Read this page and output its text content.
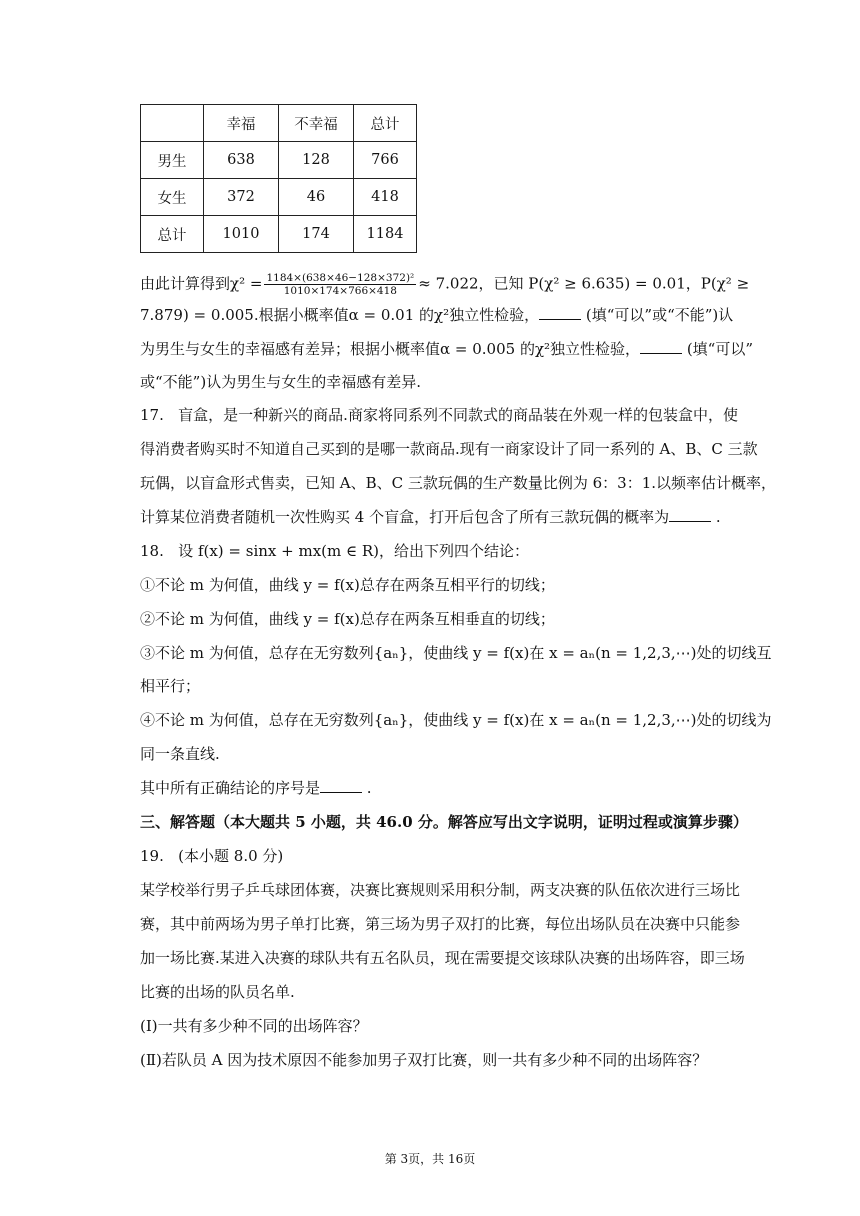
	幸福	不幸福	总计
男生	638	128	766
女生	372	46	418
总计	1010	174	1184
由此计算得到$\chi^2 = \frac{\text{1184×(638×46−128×372)²}}{1010\times 174\times 766\times 418} \approx 7.022$，已知 P(χ² ≥ 6.635) = 0.01，P(χ² ≥
7.879) = 0.005.根据小概率值α = 0.01 的χ²独立性检验，	(填“可以”或“不能”)认
为男生与女生的幸福感有差异；根据小概率值α = 0.005 的χ²独立性检验，	(填“可以”
或“不能”)认为男生与女生的幸福感有差异.
17. 盲盒，是一种新兴的商品.商家将同系列不同款式的商品装在外观一样的包装盒中，使
得消费者购买时不知道自己买到的是哪一款商品.现有一商家设计了同一系列的 A、B、C 三款
玩偶，以盲盒形式售卖，已知 A、B、C 三款玩偶的生产数量比例为 6：3：1.以频率估计概率，
计算某位消费者随机一次性购买 4 个盲盒，打开后包含了所有三款玩偶的概率为	.
18. 设 f(x) = sinx + mx(m ∈ R)，给出下列四个结论：
①不论 m 为何值，曲线 y = f(x)总存在两条互相平行的切线；
②不论 m 为何值，曲线 y = f(x)总存在两条互相垂直的切线；
③不论 m 为何值，总存在无穷数列{aₙ}，使曲线 y = f(x)在 x = aₙ(n = 1,2,3,⋯)处的切线互
相平行；
④不论 m 为何值，总存在无穷数列{aₙ}，使曲线 y = f(x)在 x = aₙ(n = 1,2,3,⋯)处的切线为
同一条直线.
其中所有正确结论的序号是	.
三、解答题（本大题共 5 小题，共 46.0 分。解答应写出文字说明，证明过程或演算步骤）
19. (本小题 8.0 分)
某学校举行男子乒乓球团体赛，决赛比赛规则采用积分制，两支决赛的队伍依次进行三场比
赛，其中前两场为男子单打比赛，第三场为男子双打的比赛，每位出场队员在决赛中只能参
加一场比赛.某进入决赛的球队共有五名队员，现在需要提交该球队决赛的出场阵容，即三场
比赛的出场的队员名单.
(Ⅰ)一共有多少种不同的出场阵容？
(Ⅱ)若队员 A 因为技术原因不能参加男子双打比赛，则一共有多少种不同的出场阵容？
第 3页，共 16页
